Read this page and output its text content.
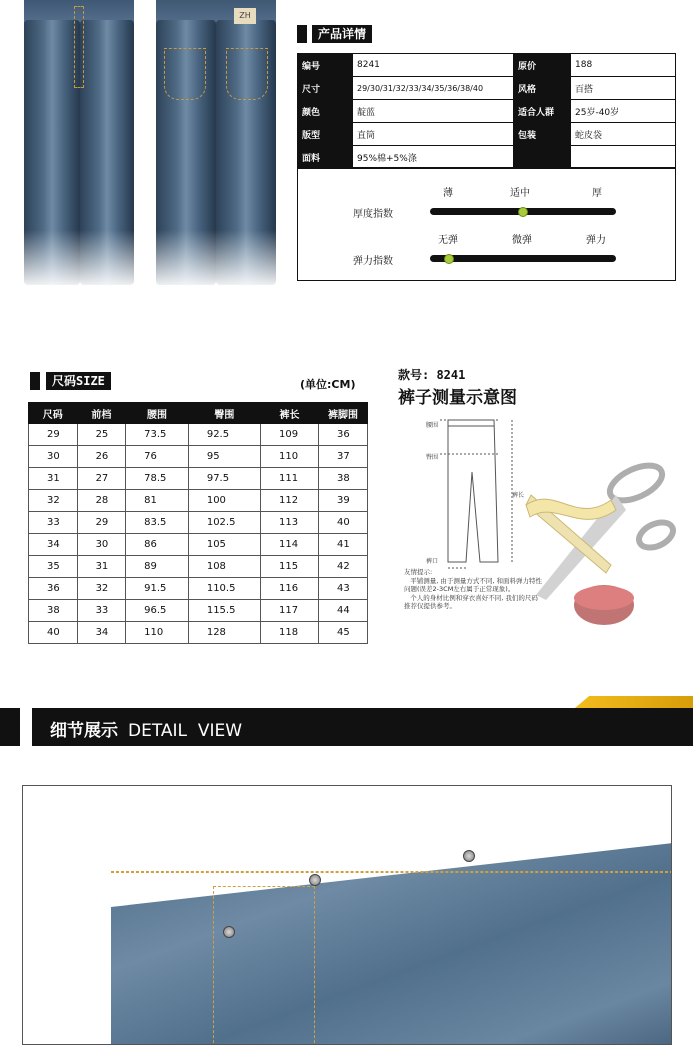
ZH
产品详情
编号	8241	原价	188
尺寸	29/30/31/32/33/34/35/36/38/40	风格	百搭
颜色	靛蓝	适合人群	25岁-40岁
版型	直筒	包装	蛇皮袋
面料	95%棉+5%涤		
薄	适中	厚
厚度指数
无弹	微弹	弹力
弹力指数
尺码SIZE	(单位:CM)
尺码	前档	腰围	臀围	裤长	裤脚围
29	25	73.5	92.5	109	36
30	26	76	95	110	37
31	27	78.5	97.5	111	38
32	28	81	100	112	39
33	29	83.5	102.5	113	40
34	30	86	105	114	41
35	31	89	108	115	42
36	32	91.5	110.5	116	43
38	33	96.5	115.5	117	44
40	34	110	128	118	45
款号: 8241
裤子测量示意图
腰围
臀围
裤长
裤口
友情提示:
平铺测量, 由于测量方式不同, 和面料弹力特性问题(误差2-3CM左右属于正常现象)。
个人的身材比例和穿衣喜好不同, 我们的尺码推荐仅提供参考。
细节展示 DETAIL  VIEW
